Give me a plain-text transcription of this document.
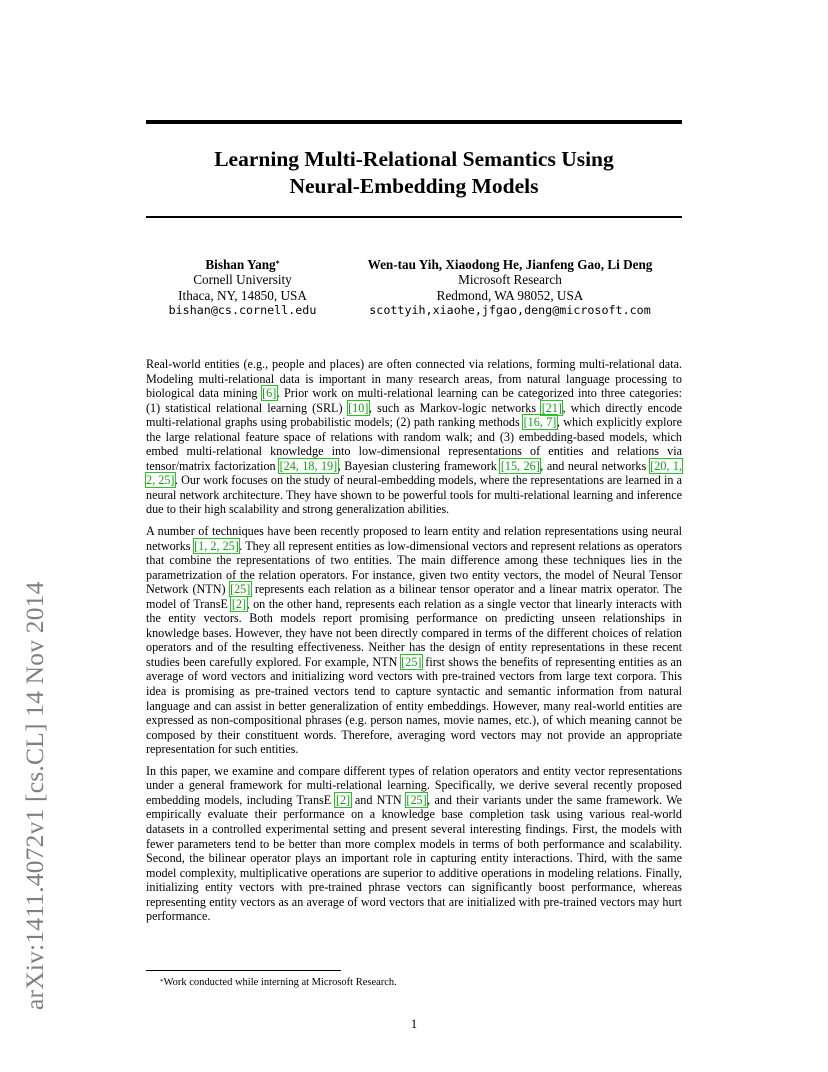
arXiv:1411.4072v1 [cs.CL] 14 Nov 2014
Learning Multi-Relational Semantics Using
Neural-Embedding Models
Bishan Yang*
Cornell University
Ithaca, NY, 14850, USA
bishan@cs.cornell.edu
Wen-tau Yih, Xiaodong He, Jianfeng Gao, Li Deng
Microsoft Research
Redmond, WA 98052, USA
scottyih,xiaohe,jfgao,deng@microsoft.com

Real-world entities (e.g., people and places) are often connected via relations, forming multi-relational data. Modeling multi-relational data is important in many research areas, from natural language processing to biological data mining [6]. Prior work on multi-relational learning can be categorized into three categories: (1) statistical relational learning (SRL) [10], such as Markov-logic networks [21], which directly encode multi-relational graphs using probabilistic models; (2) path ranking methods [16, 7], which explicitly explore the large relational feature space of relations with random walk; and (3) embedding-based models, which embed multi-relational knowledge into low-dimensional representations of entities and relations via tensor/matrix factorization [24, 18, 19], Bayesian clustering framework [15, 26], and neural networks [20, 1, 2, 25]. Our work focuses on the study of neural-embedding models, where the representations are learned in a neural network architecture. They have shown to be powerful tools for multi-relational learning and inference due to their high scalability and strong generalization abilities.

A number of techniques have been recently proposed to learn entity and relation representations using neural networks [1, 2, 25]. They all represent entities as low-dimensional vectors and represent relations as operators that combine the representations of two entities. The main difference among these techniques lies in the parametrization of the relation operators. For instance, given two entity vectors, the model of Neural Tensor Network (NTN) [25] represents each relation as a bilinear tensor operator and a linear matrix operator. The model of TransE [2], on the other hand, represents each relation as a single vector that linearly interacts with the entity vectors. Both models report promising performance on predicting unseen relationships in knowledge bases. However, they have not been directly compared in terms of the different choices of relation operators and of the resulting effectiveness. Neither has the design of entity representations in these recent studies been carefully explored. For example, NTN [25] first shows the benefits of representing entities as an average of word vectors and initializing word vectors with pre-trained vectors from large text corpora. This idea is promising as pre-trained vectors tend to capture syntactic and semantic information from natural language and can assist in better generalization of entity embeddings. However, many real-world entities are expressed as non-compositional phrases (e.g. person names, movie names, etc.), of which meaning cannot be composed by their constituent words. Therefore, averaging word vectors may not provide an appropriate representation for such entities.

In this paper, we examine and compare different types of relation operators and entity vector representations under a general framework for multi-relational learning. Specifically, we derive several recently proposed embedding models, including TransE [2] and NTN [25], and their variants under the same framework. We empirically evaluate their performance on a knowledge base completion task using various real-world datasets in a controlled experimental setting and present several interesting findings. First, the models with fewer parameters tend to be better than more complex models in terms of both performance and scalability. Second, the bilinear operator plays an important role in capturing entity interactions. Third, with the same model complexity, multiplicative operations are superior to additive operations in modeling relations. Finally, initializing entity vectors with pre-trained phrase vectors can significantly boost performance, whereas representing entity vectors as an average of word vectors that are initialized with pre-trained vectors may hurt performance.

*Work conducted while interning at Microsoft Research.
1
